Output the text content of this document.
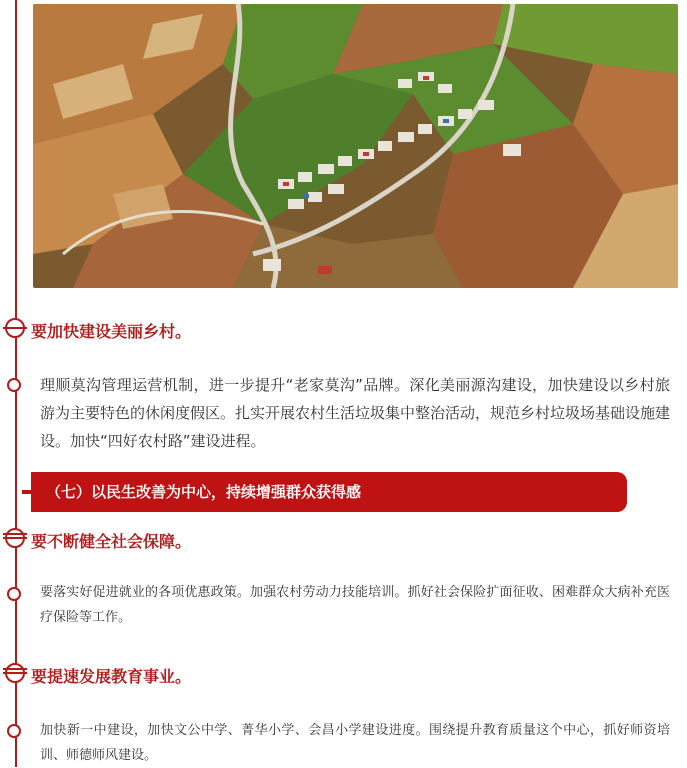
要加快建设美丽乡村。
理顺莫沟管理运营机制，进一步提升“老家莫沟”品牌。深化美丽源沟建设，加快建设以乡村旅游为主要特色的休闲度假区。扎实开展农村生活垃圾集中整治活动，规范乡村垃圾场基础设施建设。加快“四好农村路”建设进程。
（七）以民生改善为中心，持续增强群众获得感
要不断健全社会保障。
要落实好促进就业的各项优惠政策。加强农村劳动力技能培训。抓好社会保险扩面征收、困难群众大病补充医疗保险等工作。
要提速发展教育事业。
加快新一中建设，加快文公中学、菁华小学、会昌小学建设进度。围绕提升教育质量这个中心，抓好师资培训、师德师风建设。
